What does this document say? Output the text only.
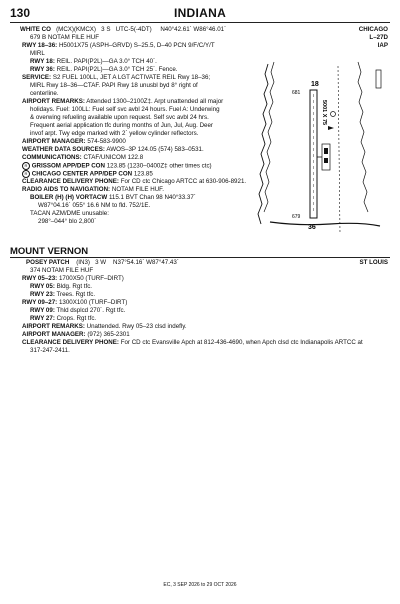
130	INDIANA
WHITE CO (MCX)(KMCX) 3 S UTC-5(-4DT) N40°42.61´ W86°46.01´	CHICAGO
L–27D
IAP
679 B NOTAM FILE HUF
RWY 18–36: H5001X75 (ASPH–GRVD) S–25.5, D–40 PCN 9/F/C/Y/T
MIRL
RWY 18: REIL. PAPI(P2L)—GA 3.0° TCH 40´.
RWY 36: REIL. PAPI(P2L)—GA 3.0° TCH 25´. Fence.
SERVICE: S2 FUEL 100LL, JET A LGT ACTIVATE REIL Rwy 18–36;
MIRL Rwy 18–36—CTAF. PAPI Rwy 18 unusbl byd 8° right of
centerline.
AIRPORT REMARKS: Attended 1300–2100Z‡. Arpt unattended all major
holidays. Fuel: 100LL: Fuel self svc avbl 24 hours. Fuel A: Underwing
& overwing refueling available upon request. Self svc avbl 24 hrs.
Frequent aerial application tfc during months of Jun, Jul, Aug. Deer
invof arpt. Twy edge marked with 2´ yellow cylinder reflectors.
AIRPORT MANAGER: 574-583-9900
WEATHER DATA SOURCES: AWOS–3P 124.05 (574) 583–0531.
COMMUNICATIONS: CTAF/UNICOM 122.8
R GRISSOM APP/DEP CON 123.85 (1230–0400Z‡ other times ctc)
R CHICAGO CENTER APP/DEP CON 123.85
CLEARANCE DELIVERY PHONE: For CD ctc Chicago ARTCC at 630-906-8921.
RADIO AIDS TO NAVIGATION: NOTAM FILE HUF.
BOILER (H) (H) VORTACW 115.1 BVT Chan 98 N40°33.37´
W87°04.16´ 055° 16.6 NM to fld. 752/1E.
TACAN AZM/DME unusable:
298°–044° blo 2,800´
18
36
5001 X 75
681
679
MOUNT VERNON
POSEY PATCH (IN3) 3 W N37°54.16´ W87°47.43´	ST LOUIS
374 NOTAM FILE HUF
RWY 05–23: 1700X50 (TURF–DIRT)
RWY 05: Bldg. Rgt tfc.
RWY 23: Trees. Rgt tfc.
RWY 09–27: 1300X100 (TURF–DIRT)
RWY 09: Thld dsplcd 270´. Rgt tfc.
RWY 27: Crops. Rgt tfc.
AIRPORT REMARKS: Unattended. Rwy 05–23 clsd indefly.
AIRPORT MANAGER: (972) 365-2301
CLEARANCE DELIVERY PHONE: For CD ctc Evansville Apch at 812-436-4690, when Apch clsd ctc Indianapolis ARTCC at
317-247-2411.
EC, 3 SEP 2026 to 29 OCT 2026
